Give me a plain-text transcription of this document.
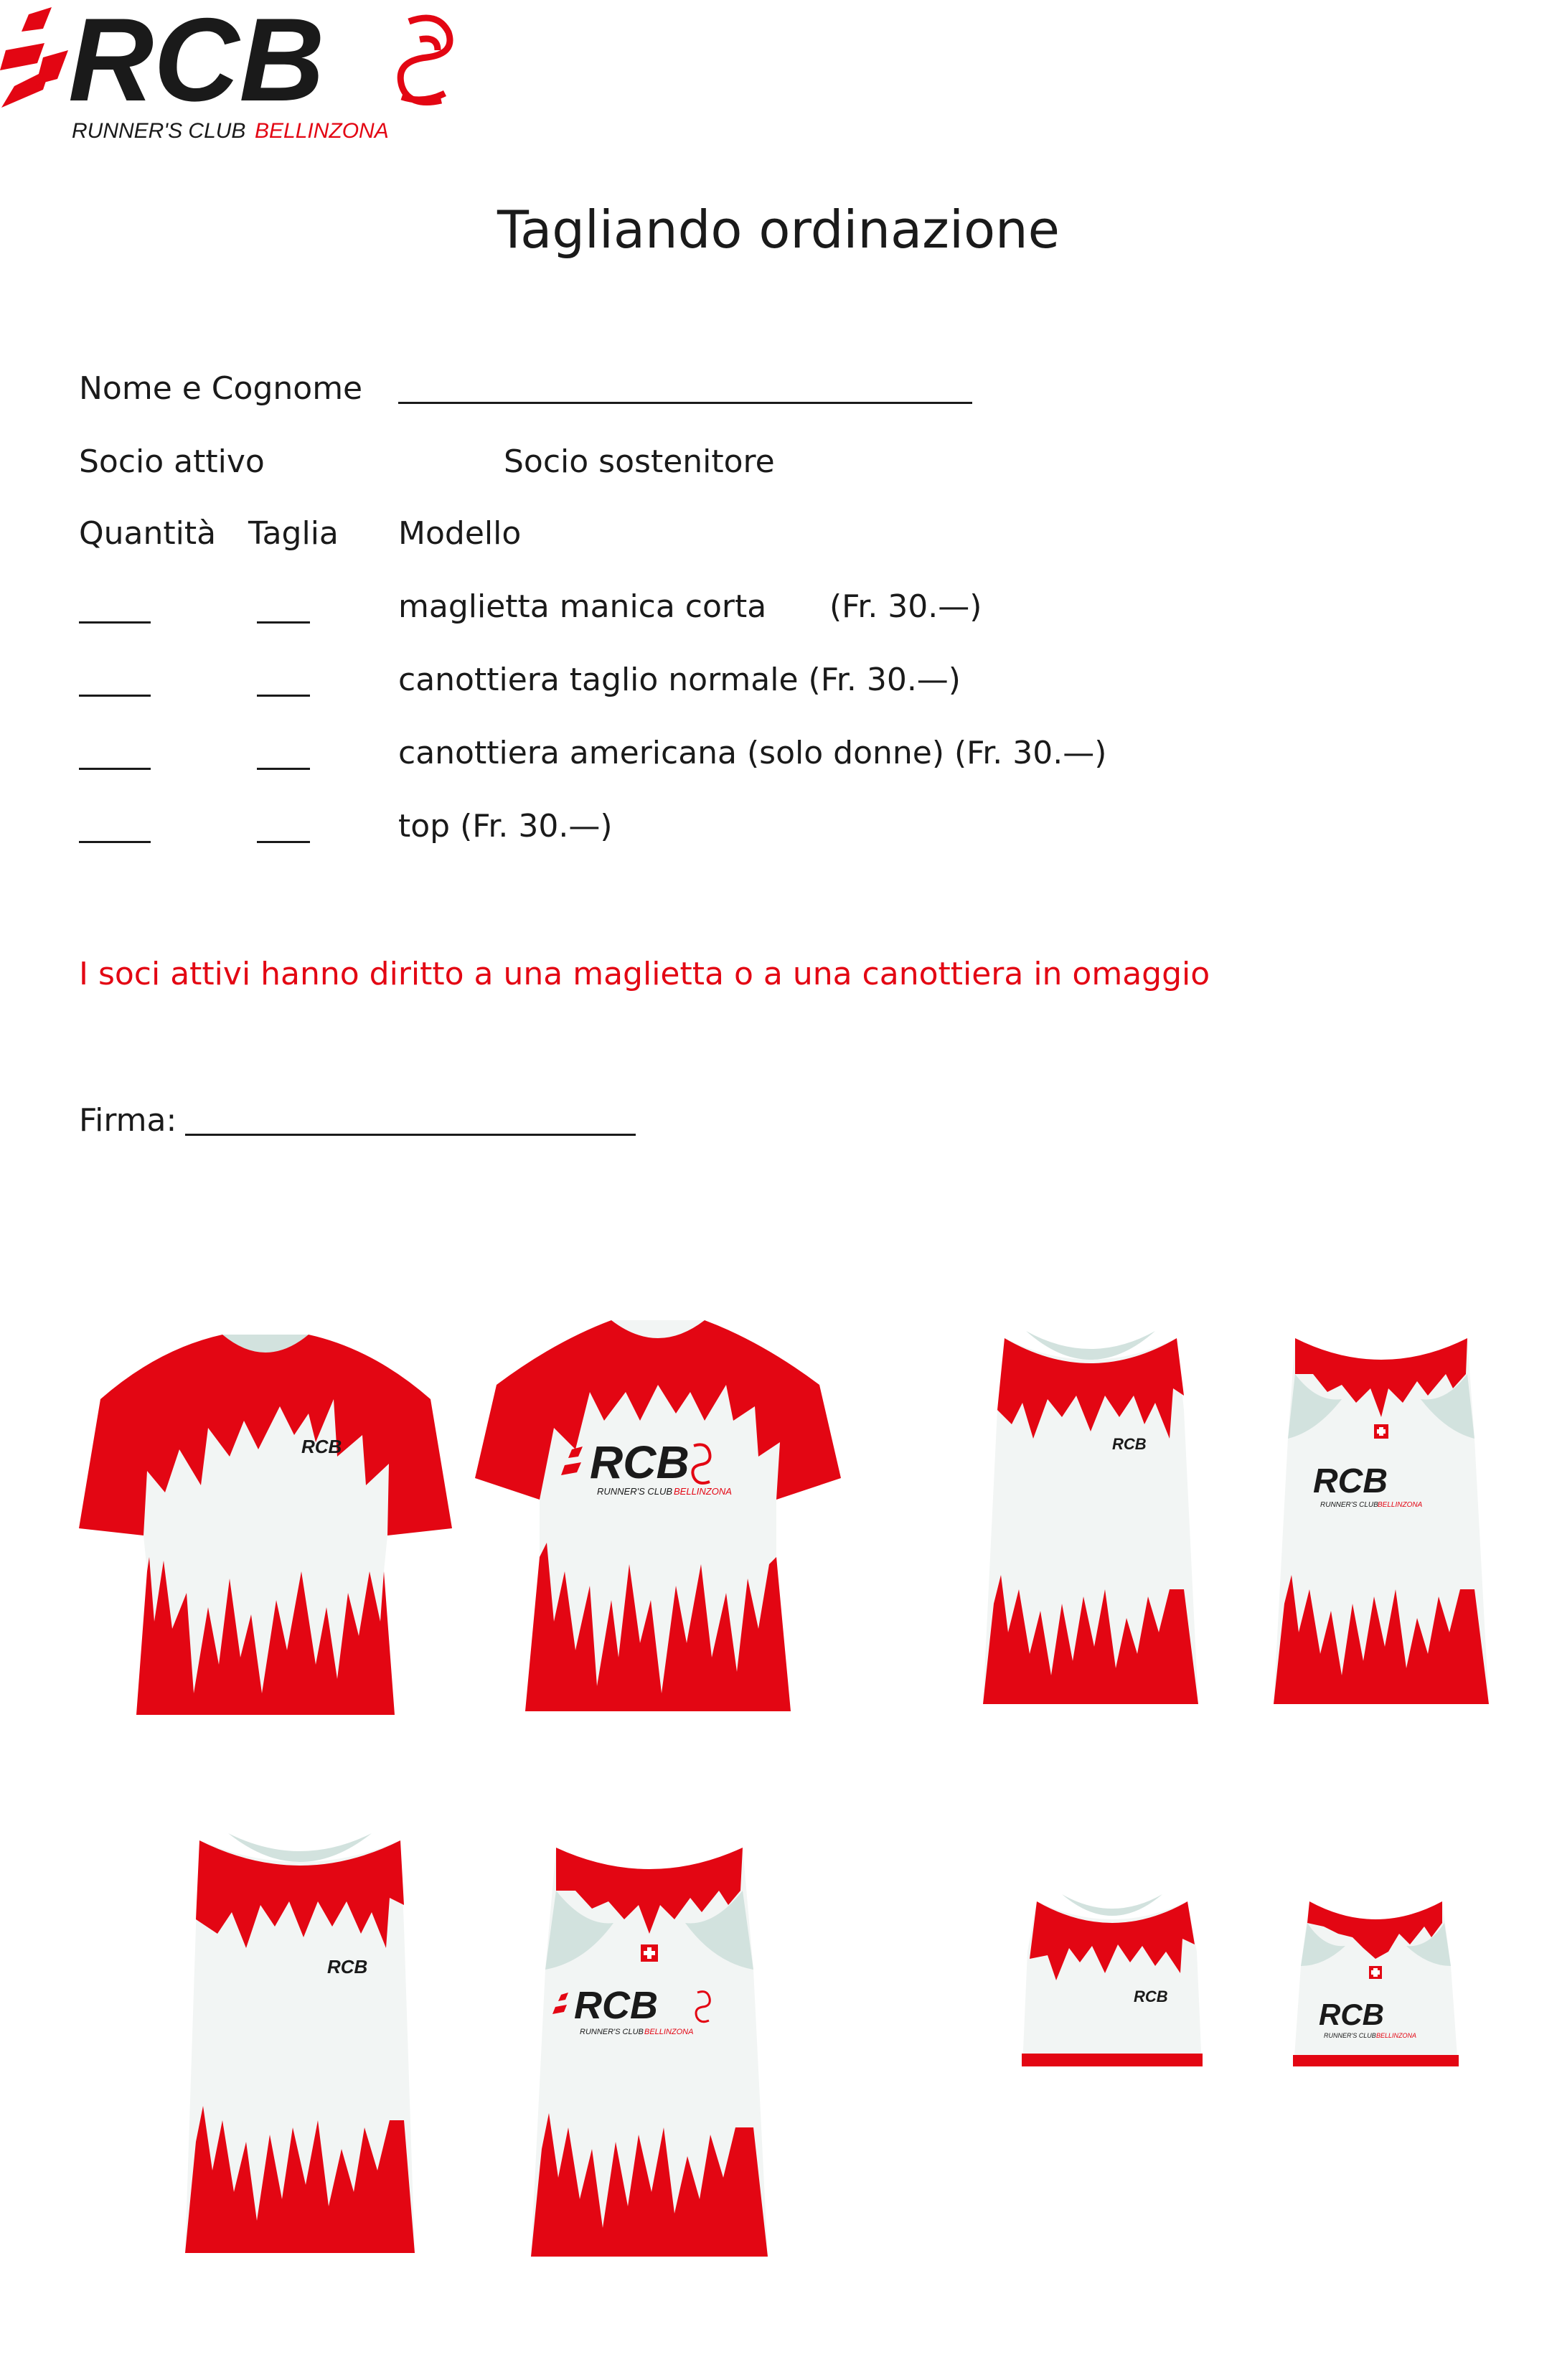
RCB
RUNNER'S CLUB BELLINZONA
Tagliando ordinazione
Nome e Cognome
Socio attivo	Socio sostenitore
Quantità Taglia Modello
maglietta manica corta (Fr. 30.—)
canottiera taglio normale (Fr. 30.—)
canottiera americana (solo donne) (Fr. 30.—)
top (Fr. 30.—)
I soci attivi hanno diritto a una maglietta o a una canottiera in omaggio
Firma:
RCB	RCB
RUNNER'S CLUB BELLINZONA
RCB
RCB
RUNNER'S CLUB BELLINZONA
RCB
RCB
RUNNER'S CLUB BELLINZONA
RCB
RCB
RUNNER'S CLUB BELLINZONA
